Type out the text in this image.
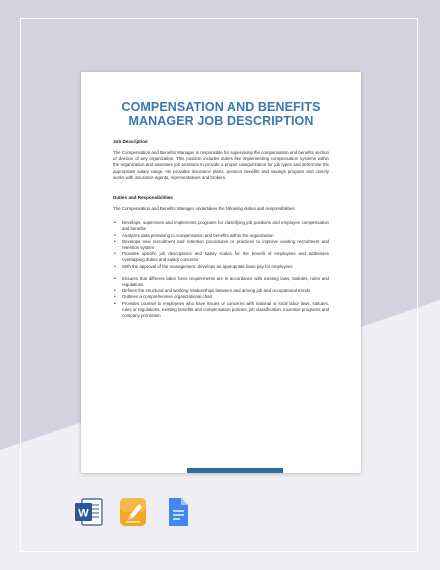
COMPENSATION AND BENEFITS MANAGER JOB DESCRIPTION
Job Description

The Compensation and Benefits Manager is responsible for supervising the compensation and benefits section or division of any organization. This position includes duties like implementing compensation systems within the organization and assesses job positions to provide a proper categorization for job types and determine the appropriate salary range. He provides insurance plans, pension benefits and savings program and closely works with insurance agents, representatives and brokers.

Duties and Responsibilities

The Compensation and Benefits Manager undertakes the following duties and responsibilities:

• Develops, supervises and implements programs for classifying job positions and employee compensation and benefits
• Analyzes data pertaining to compensation and benefits within the organization
• Develops new recruitment and retention procedures or practices to improve existing recruitment and retention system
• Provides specific job descriptions and salary scales for the benefit of employees and addresses overlapping duties and salary concerns
• With the approval of the management, develops an appropriate base pay for employees
• Ensures that different labor force requirements are in accordance with existing laws, statutes, rules and regulations
• Defines the structural and working relationships between and among job and occupational trends
• Outlines a comprehensive organizational chart
• Provides counsel to employees who have issues or concerns with national or local labor laws, statutes, rules or regulations, existing benefits and compensation policies, job classification, incentive programs and company promotion
W
